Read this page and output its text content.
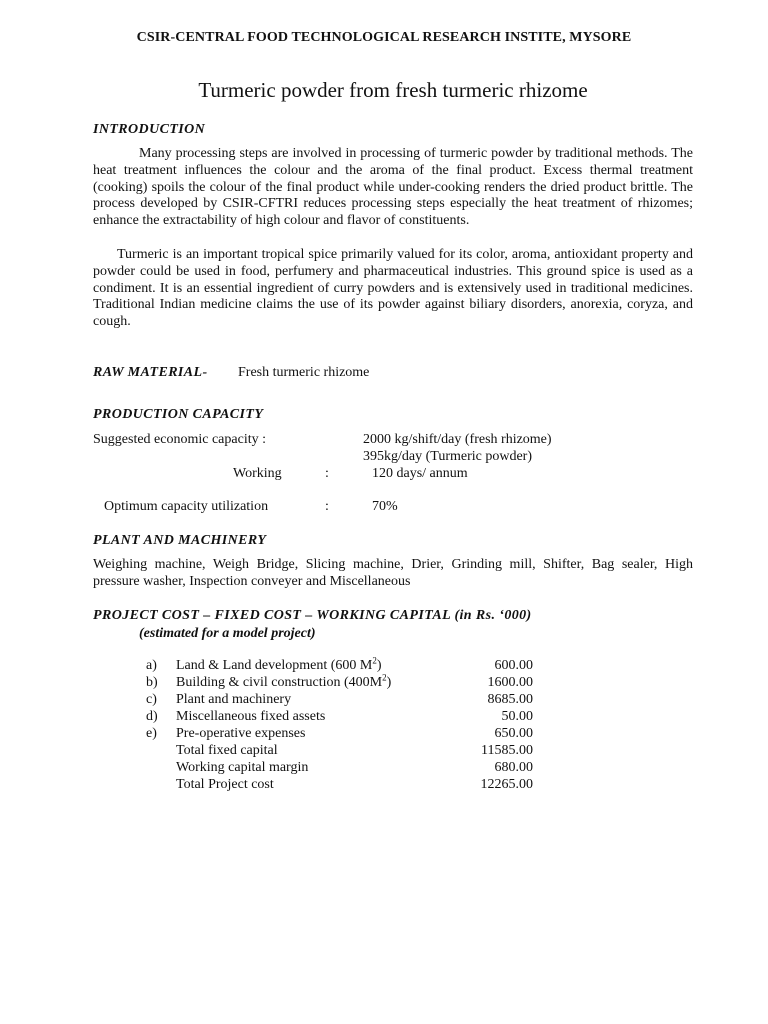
CSIR-CENTRAL FOOD TECHNOLOGICAL RESEARCH INSTITE, MYSORE
Turmeric powder from fresh turmeric rhizome
INTRODUCTION
Many processing steps are involved in processing of turmeric powder by traditional methods. The heat treatment influences the colour and the aroma of the final product. Excess thermal treatment (cooking) spoils the colour of the final product while under-cooking renders the dried product brittle. The process developed by CSIR-CFTRI reduces processing steps especially the heat treatment of rhizomes; enhance the extractability of high colour and flavor of constituents.
Turmeric is an important tropical spice primarily valued for its color, aroma, antioxidant property and powder could be used in food, perfumery and pharmaceutical industries. This ground spice is used as a condiment. It is an essential ingredient of curry powders and is extensively used in traditional medicines. Traditional Indian medicine claims the use of its powder against biliary disorders, anorexia, coryza, and cough.
RAW MATERIAL- Fresh turmeric rhizome
PRODUCTION CAPACITY
Suggested economic capacity :	2000 kg/shift/day (fresh rhizome)
395kg/day (Turmeric powder)
Working	:	120 days/ annum
Optimum capacity utilization	:	70%
PLANT AND MACHINERY
Weighing machine, Weigh Bridge, Slicing machine, Drier, Grinding mill, Shifter, Bag sealer, High pressure washer, Inspection conveyer and Miscellaneous
PROJECT COST – FIXED COST – WORKING CAPITAL (in Rs. ‘000)
(estimated for a model project)
a) Land & Land development (600 $M^2$)	600.00
b) Building & civil construction $(400M^2)$	1600.00
c) Plant and machinery	8685.00
d) Miscellaneous fixed assets	50.00
e) Pre-operative expenses	650.00
Total fixed capital	11585.00
Working capital margin	680.00
Total Project cost	12265.00
